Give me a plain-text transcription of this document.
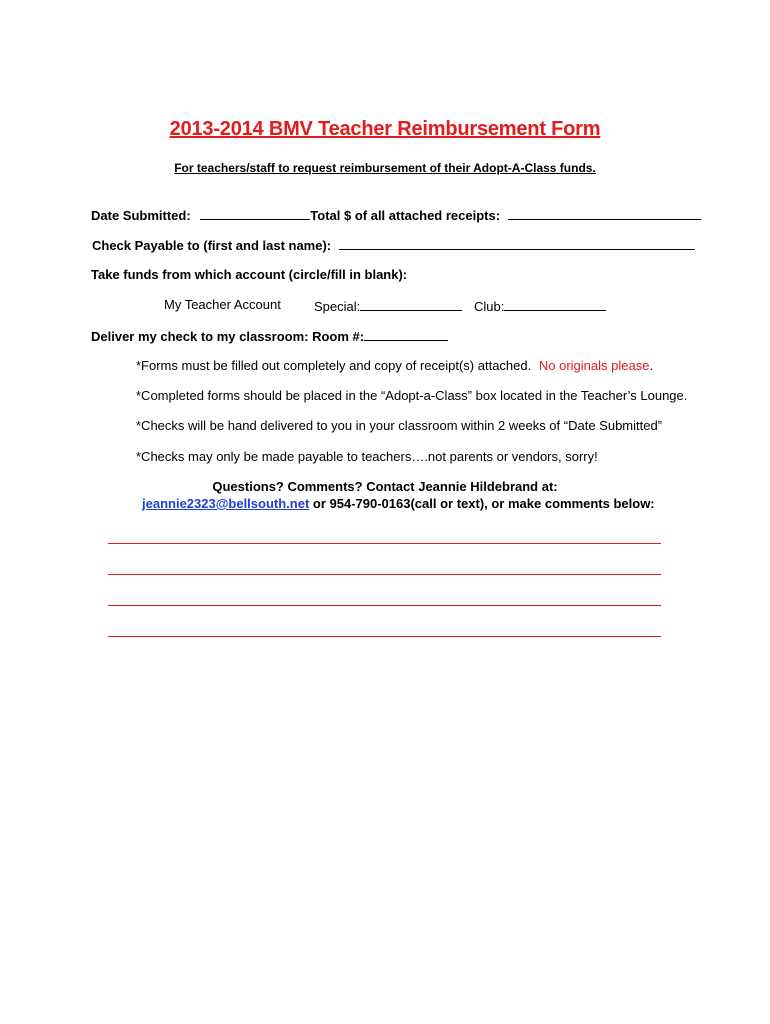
2013-2014 BMV Teacher Reimbursement Form
For teachers/staff to request reimbursement of their Adopt-A-Class funds.
Date Submitted:	Total $ of all attached receipts:
Check Payable to (first and last name):
Take funds from which account (circle/fill in blank):
My Teacher Account	Special:	Club:
Deliver my check to my classroom: Room #:
*Forms must be filled out completely and copy of receipt(s) attached. No originals please.
*Completed forms should be placed in the “Adopt-a-Class” box located in the Teacher’s Lounge.
*Checks will be hand delivered to you in your classroom within 2 weeks of “Date Submitted”
*Checks may only be made payable to teachers….not parents or vendors, sorry!
Questions? Comments? Contact Jeannie Hildebrand at:
jeannie2323@bellsouth.net or 954-790-0163(call or text), or make comments below:
